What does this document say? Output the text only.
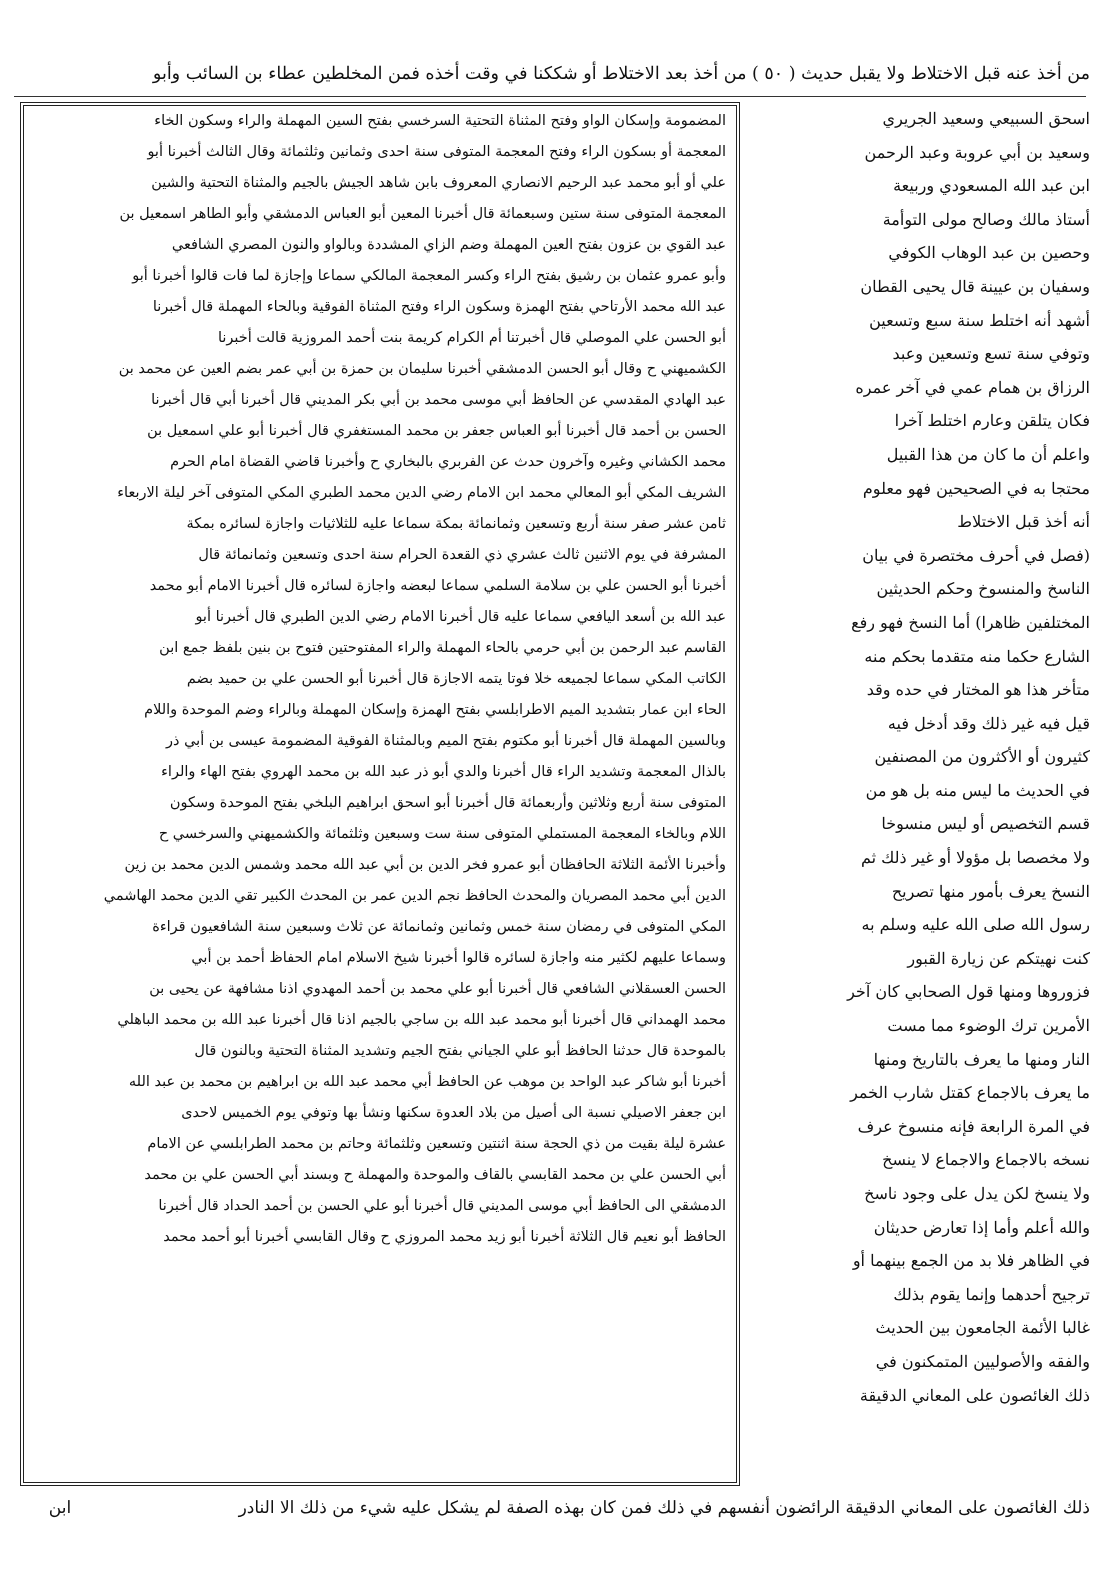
من أخذ عنه قبل الاختلاط ولا يقبل حديث ( ٥٠ ) من أخذ بعد الاختلاط أو شككنا في وقت أخذه فمن المخلطين عطاء بن السائب وأبو
اسحق السبيعي وسعيد الجريري
وسعيد بن أبي عروبة وعبد الرحمن
ابن عبد الله المسعودي وربيعة
أستاذ مالك وصالح مولى التوأمة
وحصين بن عبد الوهاب الكوفي
وسفيان بن عيينة قال يحيى القطان
أشهد أنه اختلط سنة سبع وتسعين
وتوفي سنة تسع وتسعين وعبد
الرزاق بن همام عمي في آخر عمره
فكان يتلقن وعارم اختلط آخرا
واعلم أن ما كان من هذا القبيل
محتجا به في الصحيحين فهو معلوم
أنه أخذ قبل الاختلاط
(فصل في أحرف مختصرة في بيان
الناسخ والمنسوخ وحكم الحديثين
المختلفين ظاهرا) أما النسخ فهو رفع
الشارع حكما منه متقدما بحكم منه
متأخر هذا هو المختار في حده وقد
قيل فيه غير ذلك وقد أدخل فيه
كثيرون أو الأكثرون من المصنفين
في الحديث ما ليس منه بل هو من
قسم التخصيص أو ليس منسوخا
ولا مخصصا بل مؤولا أو غير ذلك ثم
النسخ يعرف بأمور منها تصريح
رسول الله صلى الله عليه وسلم به
كنت نهيتكم عن زيارة القبور
فزوروها ومنها قول الصحابي كان آخر
الأمرين ترك الوضوء مما مست
النار ومنها ما يعرف بالتاريخ ومنها
ما يعرف بالاجماع كقتل شارب الخمر
في المرة الرابعة فإنه منسوخ عرف
نسخه بالاجماع والاجماع لا ينسخ
ولا ينسخ لكن يدل على وجود ناسخ
والله أعلم وأما إذا تعارض حديثان
في الظاهر فلا بد من الجمع بينهما أو
ترجيح أحدهما وإنما يقوم بذلك
غالبا الأئمة الجامعون بين الحديث
والفقه والأصوليين المتمكنون في
ذلك الغائصون على المعاني الدقيقة
المضمومة وإسكان الواو وفتح المثناة التحتية السرخسي بفتح السين المهملة والراء وسكون الخاء
المعجمة أو بسكون الراء وفتح المعجمة المتوفى سنة احدى وثمانين وثلثمائة وقال الثالث أخبرنا أبو
علي أو أبو محمد عبد الرحيم الانصاري المعروف بابن شاهد الجيش بالجيم والمثناة التحتية والشين
المعجمة المتوفى سنة ستين وسبعمائة قال أخبرنا المعين أبو العباس الدمشقي وأبو الطاهر اسمعيل بن
عبد القوي بن عزون بفتح العين المهملة وضم الزاي المشددة وبالواو والنون المصري الشافعي
وأبو عمرو عثمان بن رشيق بفتح الراء وكسر المعجمة المالكي سماعا وإجازة لما فات قالوا أخبرنا أبو
عبد الله محمد الأرتاحي بفتح الهمزة وسكون الراء وفتح المثناة الفوقية وبالحاء المهملة قال أخبرنا
أبو الحسن علي الموصلي قال أخبرتنا أم الكرام كريمة بنت أحمد المروزية قالت أخبرنا
الكشميهني ح وقال أبو الحسن الدمشقي أخبرنا سليمان بن حمزة بن أبي عمر بضم العين عن محمد بن
عبد الهادي المقدسي عن الحافظ أبي موسى محمد بن أبي بكر المديني قال أخبرنا أبي قال أخبرنا
الحسن بن أحمد قال أخبرنا أبو العباس جعفر بن محمد المستغفري قال أخبرنا أبو علي اسمعيل بن
محمد الكشاني وغيره وآخرون حدث عن الفربري بالبخاري ح وأخبرنا قاضي القضاة امام الحرم
الشريف المكي أبو المعالي محمد ابن الامام رضي الدين محمد الطبري المكي المتوفى آخر ليلة الاربعاء
ثامن عشر صفر سنة أربع وتسعين وثمانمائة بمكة سماعا عليه للثلاثيات واجازة لسائره بمكة
المشرفة في يوم الاثنين ثالث عشري ذي القعدة الحرام سنة احدى وتسعين وثمانمائة قال
أخبرنا أبو الحسن علي بن سلامة السلمي سماعا لبعضه واجازة لسائره قال أخبرنا الامام أبو محمد
عبد الله بن أسعد اليافعي سماعا عليه قال أخبرنا الامام رضي الدين الطبري قال أخبرنا أبو
القاسم عبد الرحمن بن أبي حرمي بالحاء المهملة والراء المفتوحتين فتوح بن بنين بلفظ جمع ابن
الكاتب المكي سماعا لجميعه خلا فوتا يتمه الاجازة قال أخبرنا أبو الحسن علي بن حميد بضم
الحاء ابن عمار بتشديد الميم الاطرابلسي بفتح الهمزة وإسكان المهملة وبالراء وضم الموحدة واللام
وبالسين المهملة قال أخبرنا أبو مكتوم بفتح الميم وبالمثناة الفوقية المضمومة عيسى بن أبي ذر
بالذال المعجمة وتشديد الراء قال أخبرنا والدي أبو ذر عبد الله بن محمد الهروي بفتح الهاء والراء
المتوفى سنة أربع وثلاثين وأربعمائة قال أخبرنا أبو اسحق ابراهيم البلخي بفتح الموحدة وسكون
اللام وبالخاء المعجمة المستملي المتوفى سنة ست وسبعين وثلثمائة والكشميهني والسرخسي ح
وأخبرنا الأئمة الثلاثة الحافظان أبو عمرو فخر الدين بن أبي عبد الله محمد وشمس الدين محمد بن زين
الدين أبي محمد المصريان والمحدث الحافظ نجم الدين عمر بن المحدث الكبير تقي الدين محمد الهاشمي
المكي المتوفى في رمضان سنة خمس وثمانين وثمانمائة عن ثلاث وسبعين سنة الشافعيون قراءة
وسماعا عليهم لكثير منه واجازة لسائره قالوا أخبرنا شيخ الاسلام امام الحفاظ أحمد بن أبي
الحسن العسقلاني الشافعي قال أخبرنا أبو علي محمد بن أحمد المهدوي اذنا مشافهة عن يحيى بن
محمد الهمداني قال أخبرنا أبو محمد عبد الله بن ساجي بالجيم اذنا قال أخبرنا عبد الله بن محمد الباهلي
بالموحدة قال حدثنا الحافظ أبو علي الجياني بفتح الجيم وتشديد المثناة التحتية وبالنون قال
أخبرنا أبو شاكر عبد الواحد بن موهب عن الحافظ أبي محمد عبد الله بن ابراهيم بن محمد بن عبد الله
ابن جعفر الاصيلي نسبة الى أصيل من بلاد العدوة سكنها ونشأ بها وتوفي يوم الخميس لاحدى
عشرة ليلة بقيت من ذي الحجة سنة اثنتين وتسعين وثلثمائة وحاتم بن محمد الطرابلسي عن الامام
أبي الحسن علي بن محمد القابسي بالقاف والموحدة والمهملة ح وبسند أبي الحسن علي بن محمد
الدمشقي الى الحافظ أبي موسى المديني قال أخبرنا أبو علي الحسن بن أحمد الحداد قال أخبرنا
الحافظ أبو نعيم قال الثلاثة أخبرنا أبو زيد محمد المروزي ح وقال القابسي أخبرنا أبو أحمد محمد
ذلك الغائصون على المعاني الدقيقة الرائضون أنفسهم في ذلك فمن كان بهذه الصفة لم يشكل عليه شيء من ذلك الا النادر
ابن
